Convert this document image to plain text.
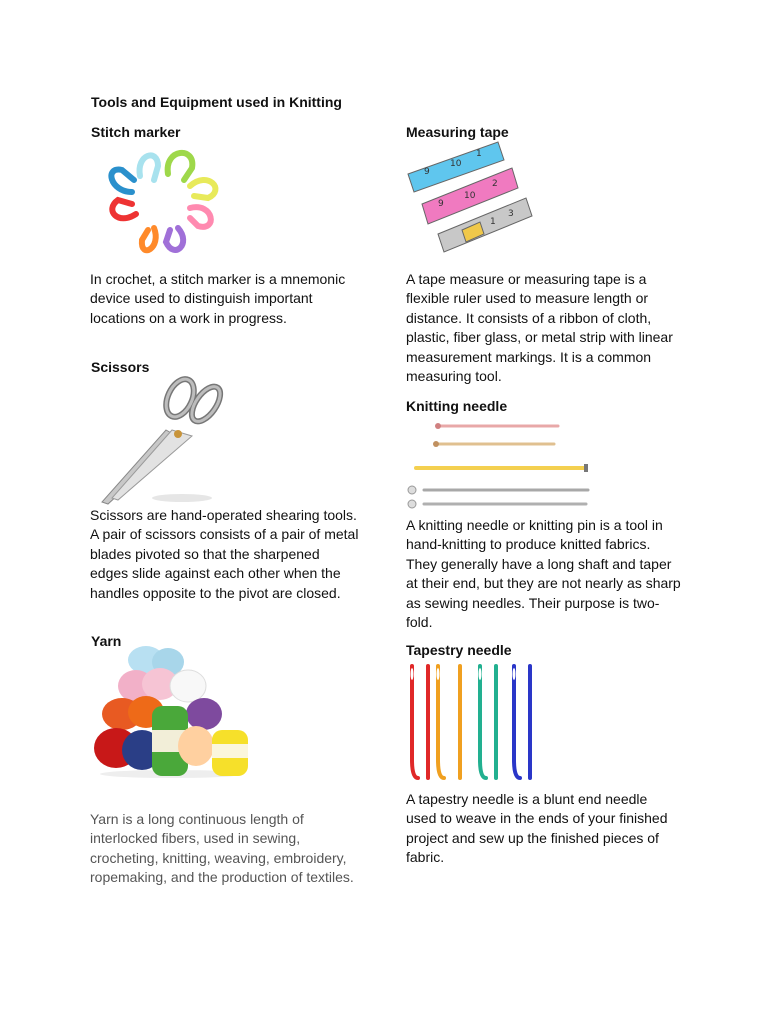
Tools and Equipment used in Knitting
Stitch marker
In crochet, a stitch marker is a mnemonic device used to distinguish important locations on a work in progress.
Scissors
Scissors are hand-operated shearing tools. A pair of scissors consists of a pair of metal blades pivoted so that the sharpened edges slide against each other when the handles opposite to the pivot are closed.
Yarn
Yarn is a long continuous length of interlocked fibers, used in sewing, crocheting, knitting, weaving, embroidery, ropemaking, and the production of textiles.
Measuring tape
9
10
1
9
10
2
1
3
A tape measure or measuring tape is a flexible ruler used to measure length or distance. It consists of a ribbon of cloth, plastic, fiber glass, or metal strip with linear measurement markings. It is a common measuring tool.
Knitting needle
A knitting needle or knitting pin is a tool in hand-knitting to produce knitted fabrics. They generally have a long shaft and taper at their end, but they are not nearly as sharp as sewing needles. Their purpose is two-fold.
Tapestry needle
A tapestry needle is a blunt end needle used to weave in the ends of your finished project and sew up the finished pieces of fabric.
